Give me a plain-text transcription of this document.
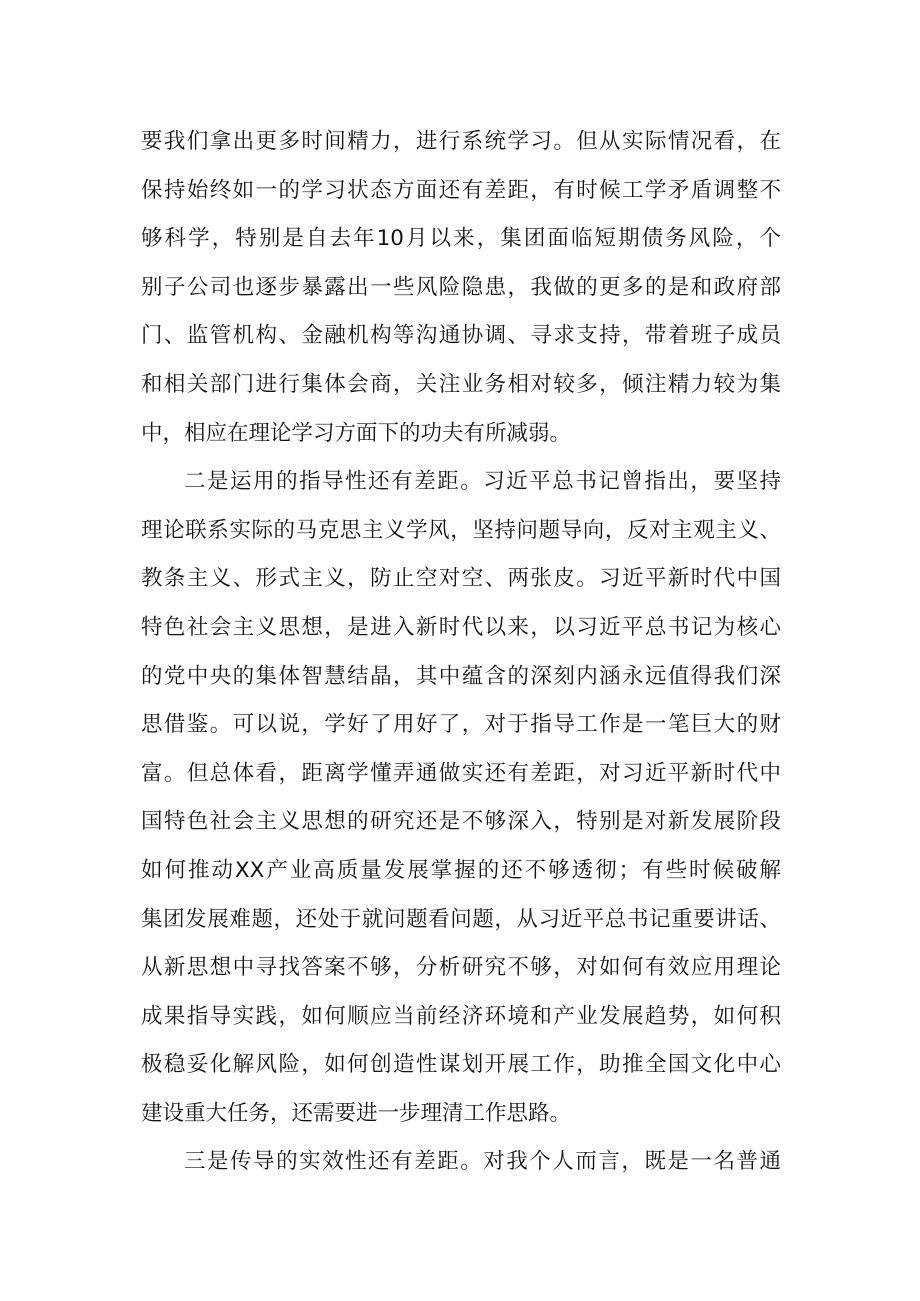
要我们拿出更多时间精力，进行系统学习。但从实际情况看，在
保持始终如一的学习状态方面还有差距，有时候工学矛盾调整不
够科学，特别是自去年10月以来，集团面临短期债务风险，个
别子公司也逐步暴露出一些风险隐患，我做的更多的是和政府部
门、监管机构、金融机构等沟通协调、寻求支持，带着班子成员
和相关部门进行集体会商，关注业务相对较多，倾注精力较为集
中，相应在理论学习方面下的功夫有所减弱。
二是运用的指导性还有差距。习近平总书记曾指出，要坚持
理论联系实际的马克思主义学风，坚持问题导向，反对主观主义、
教条主义、形式主义，防止空对空、两张皮。习近平新时代中国
特色社会主义思想，是进入新时代以来，以习近平总书记为核心
的党中央的集体智慧结晶，其中蕴含的深刻内涵永远值得我们深
思借鉴。可以说，学好了用好了，对于指导工作是一笔巨大的财
富。但总体看，距离学懂弄通做实还有差距，对习近平新时代中
国特色社会主义思想的研究还是不够深入，特别是对新发展阶段
如何推动XX产业高质量发展掌握的还不够透彻；有些时候破解
集团发展难题，还处于就问题看问题，从习近平总书记重要讲话、
从新思想中寻找答案不够，分析研究不够，对如何有效应用理论
成果指导实践，如何顺应当前经济环境和产业发展趋势，如何积
极稳妥化解风险，如何创造性谋划开展工作，助推全国文化中心
建设重大任务，还需要进一步理清工作思路。
三是传导的实效性还有差距。对我个人而言，既是一名普通
